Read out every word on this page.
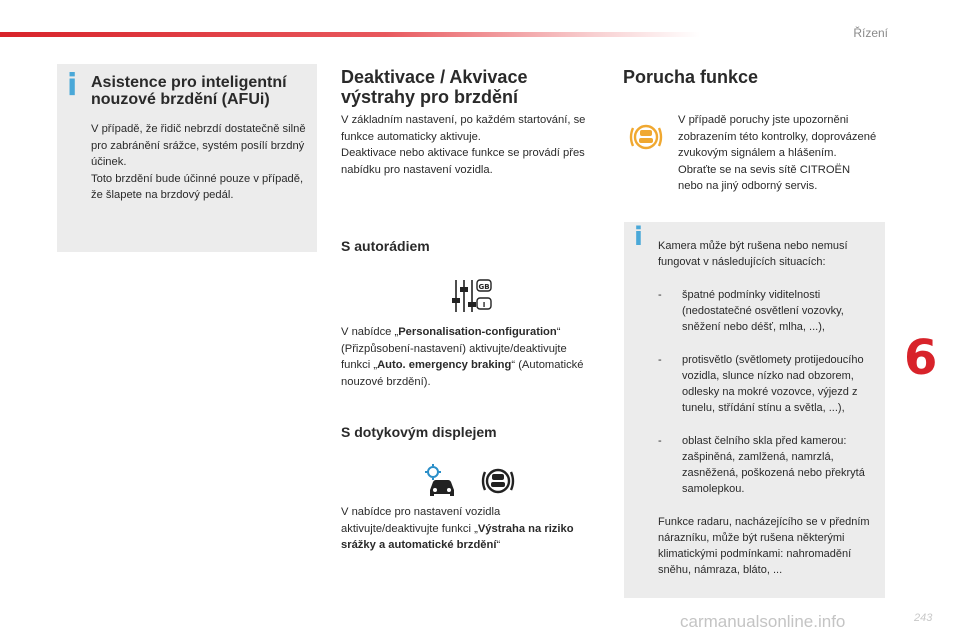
Řízení
i Asistence pro inteligentní nouzové brzdění (AFUi)

V případě, že řidič nebrzdí dostatečně silně pro zabránění srážce, systém posílí brzdný účinek.
Toto brzdění bude účinné pouze v případě, že šlapete na brzdový pedál.

Deaktivace / Akvivace výstrahy pro brzdění

V základním nastavení, po každém startování, se funkce automaticky aktivuje.
Deaktivace nebo aktivace funkce se provádí přes nabídku pro nastavení vozidla.

S autorádiem
GB
I

V nabídce „Personalisation-configuration“ (Přizpůsobení-nastavení) aktivujte/deaktivujte funkci „Auto. emergency braking“ (Automatické nouzové brzdění).

S dotykovým displejem

V nabídce pro nastavení vozidla aktivujte/deaktivujte funkci „Výstraha na riziko srážky a automatické brzdění“

Porucha funkce

V případě poruchy jste upozorněni zobrazením této kontrolky, doprovázené zvukovým signálem a hlášením.
Obraťte se na sevis sítě CITROËN nebo na jiný odborný servis.

i Kamera může být rušena nebo nemusí fungovat v následujících situacích:

- špatné podmínky viditelnosti (nedostatečné osvětlení vozovky, sněžení nebo déšť, mlha, ...),

- protisvětlo (světlomety protijedoucího vozidla, slunce nízko nad obzorem, odlesky na mokré vozovce, výjezd z tunelu, střídání stínu a světla, ...),

- oblast čelního skla před kamerou: zašpiněná, zamlžená, namrzlá, zasněžená, poškozená nebo překrytá samolepkou.

Funkce radaru, nacházejícího se v předním nárazníku, může být rušena některými klimatickými podmínkami: nahromadění sněhu, námraza, bláto, ...

6
243
carmanualsonline.info
